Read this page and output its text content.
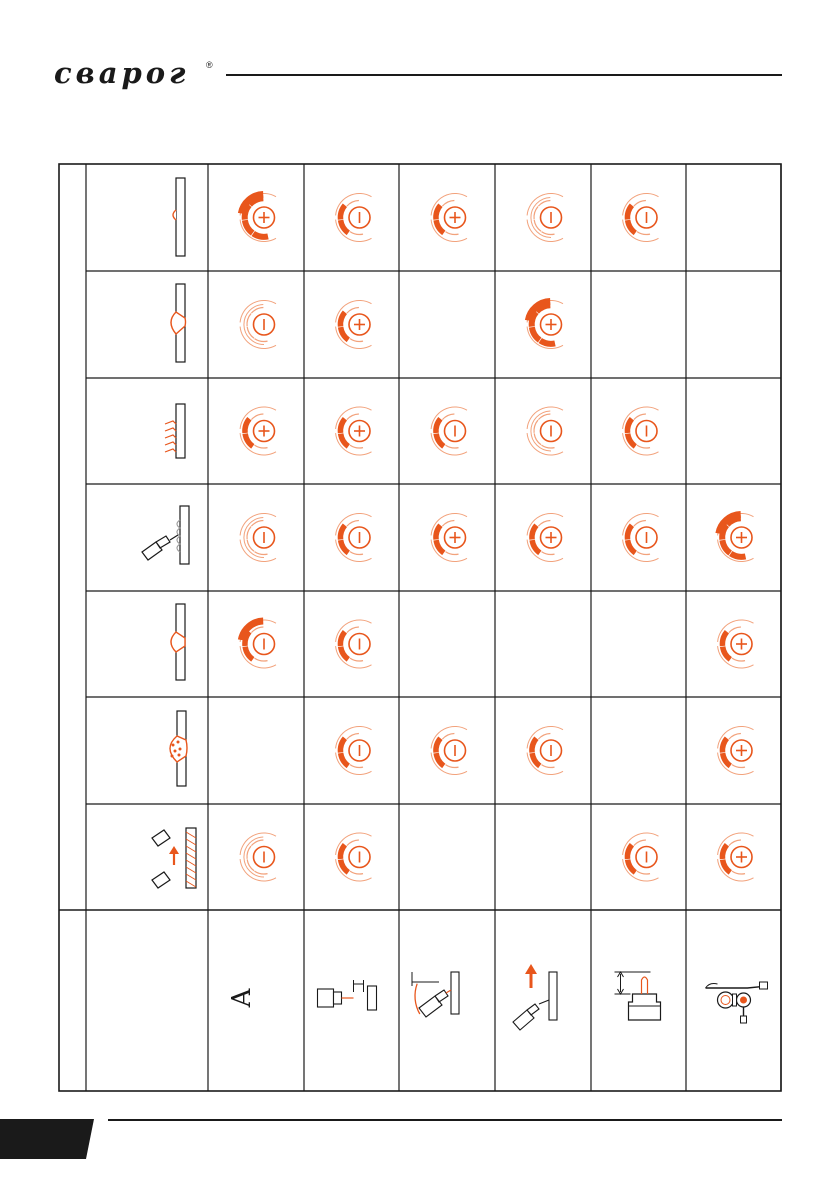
сварог ®
A
